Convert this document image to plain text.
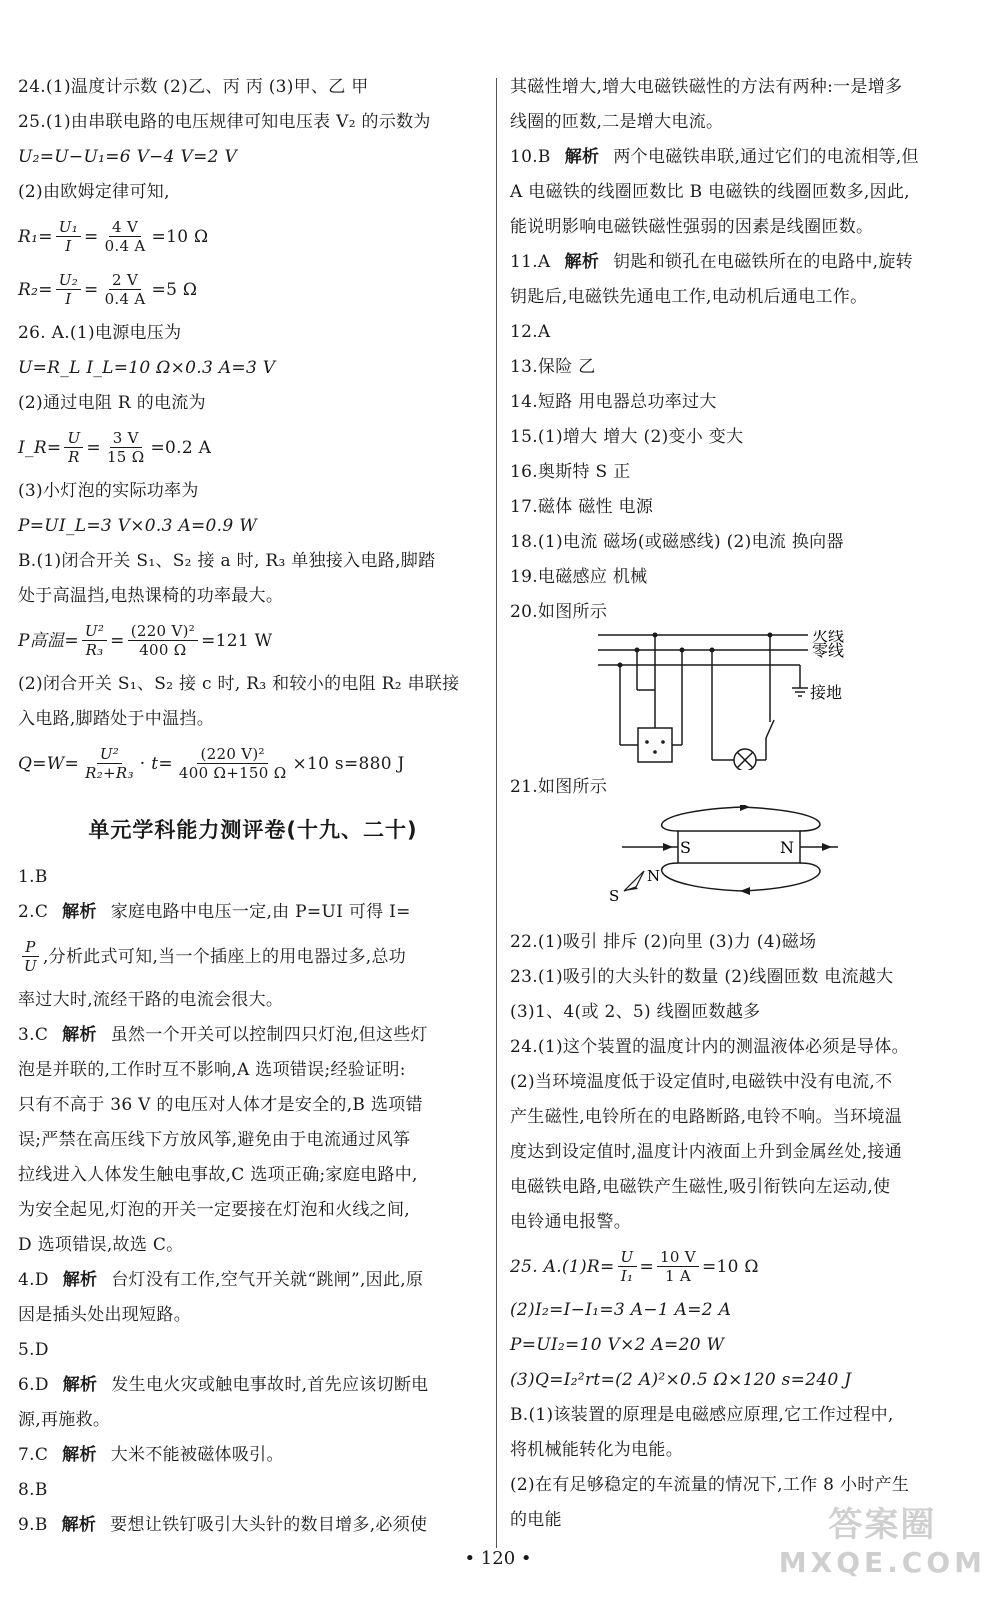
24.(1)温度计示数 (2)乙、丙 丙 (3)甲、乙 甲
25.(1)由串联电路的电压规律可知电压表 V₂ 的示数为
U₂=U−U₁=6 V−4 V=2 V
(2)由欧姆定律可知,
$R_1= \frac{\text{U₁}}{I} = \frac{4 V}{0.4 A} =10$ Ω
$R_2= \frac{\text{U₂}}{I} = \frac{2 V}{0.4 A} =5$ Ω
26. A.(1)电源电压为
U=R_L I_L=10 Ω×0.3 A=3 V
(2)通过电阻 R 的电流为
I_R= $\frac{U}{R} = \frac{3 V}{15 \Omega} =0.2$ A
(3)小灯泡的实际功率为
P=UI_L=3 V×0.3 A=0.9 W
B.(1)闭合开关 S₁、S₂ 接 a 时, R₃ 单独接入电路,脚踏
处于高温挡,电热课椅的功率最大。
P高温= $\frac{\text{U²}}{\text{R₃}} = \frac{\text{(220 V)²}}{400 \Omega} =121$ W
(2)闭合开关 S₁、S₂ 接 c 时, R₃ 和较小的电阻 R₂ 串联接
入电路,脚踏处于中温挡。
$Q=W= \frac{\text{U²}}{\text{R₂+R₃}} \cdot t= \frac{\text{(220 V)²}}{400 \Omega+150 \Omega} \times 10$ s=880 J
单元学科能力测评卷(十九、二十)
1.B
2.C 解析 家庭电路中电压一定,由 P=UI 可得 I=
$\frac{P}{U}$ ,分析此式可知,当一个插座上的用电器过多,总功
率过大时,流经干路的电流会很大。
3.C 解析 虽然一个开关可以控制四只灯泡,但这些灯
泡是并联的,工作时互不影响,A 选项错误;经验证明:
只有不高于 36 V 的电压对人体才是安全的,B 选项错
误;严禁在高压线下方放风筝,避免由于电流通过风筝
拉线进入人体发生触电事故,C 选项正确;家庭电路中,
为安全起见,灯泡的开关一定要接在灯泡和火线之间,
D 选项错误,故选 C。
4.D 解析 台灯没有工作,空气开关就“跳闸”,因此,原
因是插头处出现短路。
5.D
6.D 解析 发生电火灾或触电事故时,首先应该切断电
源,再施救。
7.C 解析 大米不能被磁体吸引。
8.B
9.B 解析 要想让铁钉吸引大头针的数目增多,必须使
其磁性增大,增大电磁铁磁性的方法有两种:一是增多
线圈的匝数,二是增大电流。
10.B 解析 两个电磁铁串联,通过它们的电流相等,但
A 电磁铁的线圈匝数比 B 电磁铁的线圈匝数多,因此,
能说明影响电磁铁磁性强弱的因素是线圈匝数。
11.A 解析 钥匙和锁孔在电磁铁所在的电路中,旋转
钥匙后,电磁铁先通电工作,电动机后通电工作。
12.A
13.保险 乙
14.短路 用电器总功率过大
15.(1)增大 增大 (2)变小 变大
16.奥斯特 S 正
17.磁体 磁性 电源
18.(1)电流 磁场(或磁感线) (2)电流 换向器
19.电磁感应 机械
20.如图所示
火线
零线
接地
21.如图所示
S	N
S
N
22.(1)吸引 排斥 (2)向里 (3)力 (4)磁场
23.(1)吸引的大头针的数量 (2)线圈匝数 电流越大
(3)1、4(或 2、5) 线圈匝数越多
24.(1)这个装置的温度计内的测温液体必须是导体。
(2)当环境温度低于设定值时,电磁铁中没有电流,不
产生磁性,电铃所在的电路断路,电铃不响。当环境温
度达到设定值时,温度计内液面上升到金属丝处,接通
电磁铁电路,电磁铁产生磁性,吸引衔铁向左运动,使
电铃通电报警。
25. $A.(1)R= \frac{U}{\text{I₁}} = \frac{10 V}{1 A} =10$ Ω
(2)I₂=I−I₁=3 A−1 A=2 A
P=UI₂=10 V×2 A=20 W
(3)Q=I₂²rt=(2 A)²×0.5 Ω×120 s=240 J
B.(1)该装置的原理是电磁感应原理,它工作过程中,
将机械能转化为电能。
(2)在有足够稳定的车流量的情况下,工作 8 小时产生
的电能
• 120 •
答案圈
MXQE.COM
